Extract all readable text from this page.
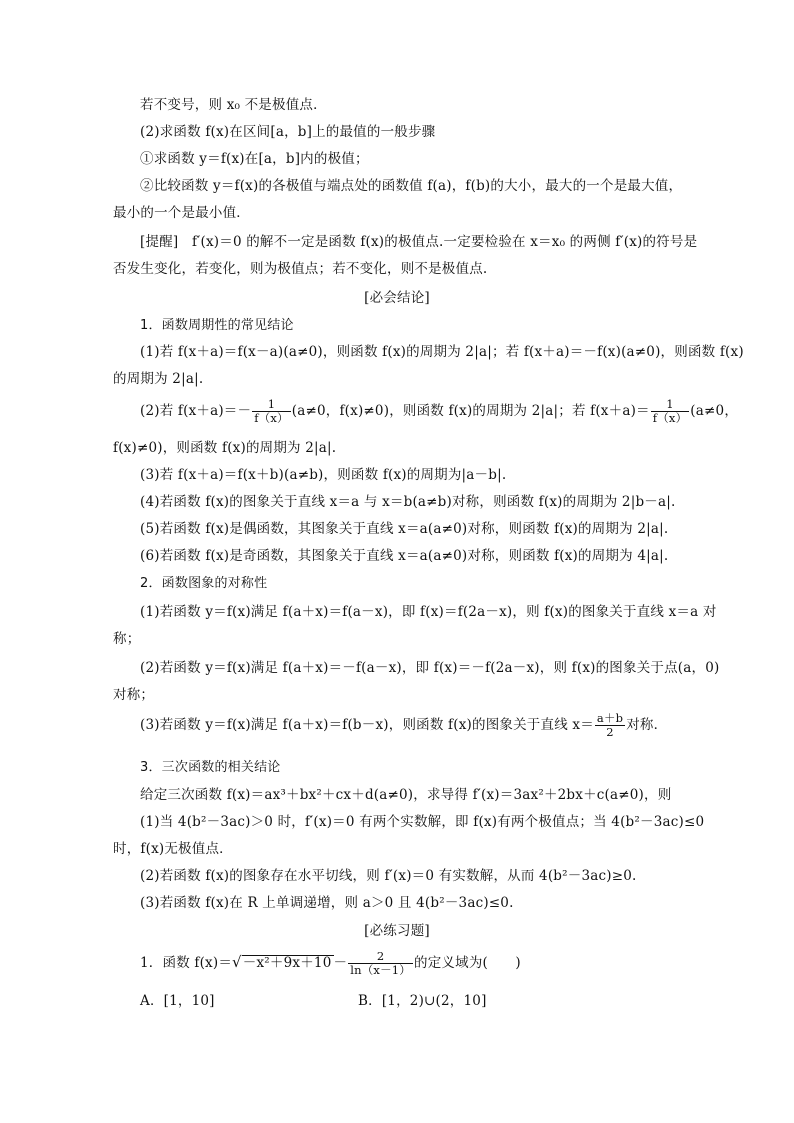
若不变号，则 x₀ 不是极值点．
(2)求函数 f(x)在区间[a，b]上的最值的一般步骤
①求函数 y＝f(x)在[a，b]内的极值；
②比较函数 y＝f(x)的各极值与端点处的函数值 f(a)，f(b)的大小，最大的一个是最大值，
最小的一个是最小值．
[提醒]　f′(x)＝0 的解不一定是函数 f(x)的极值点.一定要检验在 x＝x₀ 的两侧 f′(x)的符号是
否发生变化，若变化，则为极值点；若不变化，则不是极值点.
[必会结论]
1．函数周期性的常见结论
(1)若 f(x＋a)＝f(x－a)(a≠0)，则函数 f(x)的周期为 2|a|；若 f(x＋a)＝－f(x)(a≠0)，则函数 f(x)
的周期为 2|a|.
(2)若 $f(x+a)=- \frac{1}{f(x)} (a\ne 0$，f(x)≠0)，则函数 f(x)的周期为 2|a|；若 $f(x+a)= \frac{1}{f(x)} (a\ne 0$，
f(x)≠0)，则函数 f(x)的周期为 2|a|.
(3)若 f(x＋a)＝f(x＋b)(a≠b)，则函数 f(x)的周期为|a－b|.
(4)若函数 f(x)的图象关于直线 x＝a 与 x＝b(a≠b)对称，则函数 f(x)的周期为 2|b－a|.
(5)若函数 f(x)是偶函数，其图象关于直线 x＝a(a≠0)对称，则函数 f(x)的周期为 2|a|.
(6)若函数 f(x)是奇函数，其图象关于直线 x＝a(a≠0)对称，则函数 f(x)的周期为 4|a|.
2．函数图象的对称性
(1)若函数 y＝f(x)满足 f(a＋x)＝f(a－x)，即 f(x)＝f(2a－x)，则 f(x)的图象关于直线 x＝a 对
称；
(2)若函数 y＝f(x)满足 f(a＋x)＝－f(a－x)，即 f(x)＝－f(2a－x)，则 f(x)的图象关于点(a，0)
对称；
(3)若函数 y＝f(x)满足 f(a＋x)＝f(b－x)，则函数 f(x)的图象关于直线 $x= \frac{a+b}{2}$ 对称．
3．三次函数的相关结论
给定三次函数 f(x)＝ax³＋bx²＋cx＋d(a≠0)，求导得 f′(x)＝3ax²＋2bx＋c(a≠0)，则
(1)当 4(b²－3ac)＞0 时，f′(x)＝0 有两个实数解，即 f(x)有两个极值点；当 4(b²－3ac)≤0
时，f(x)无极值点．
(2)若函数 f(x)的图象存在水平切线，则 f′(x)＝0 有实数解，从而 4(b²－3ac)≥0.
(3)若函数 f(x)在 R 上单调递增，则 a＞0 且 4(b²－3ac)≤0.
[必练习题]
1．函数 $f(x)=√-x^2+9x+10 - \frac{2}{\ln(x-1)}$ 的定义域为(　　)
A．[1，10]	B．[1，2)∪(2，10]
